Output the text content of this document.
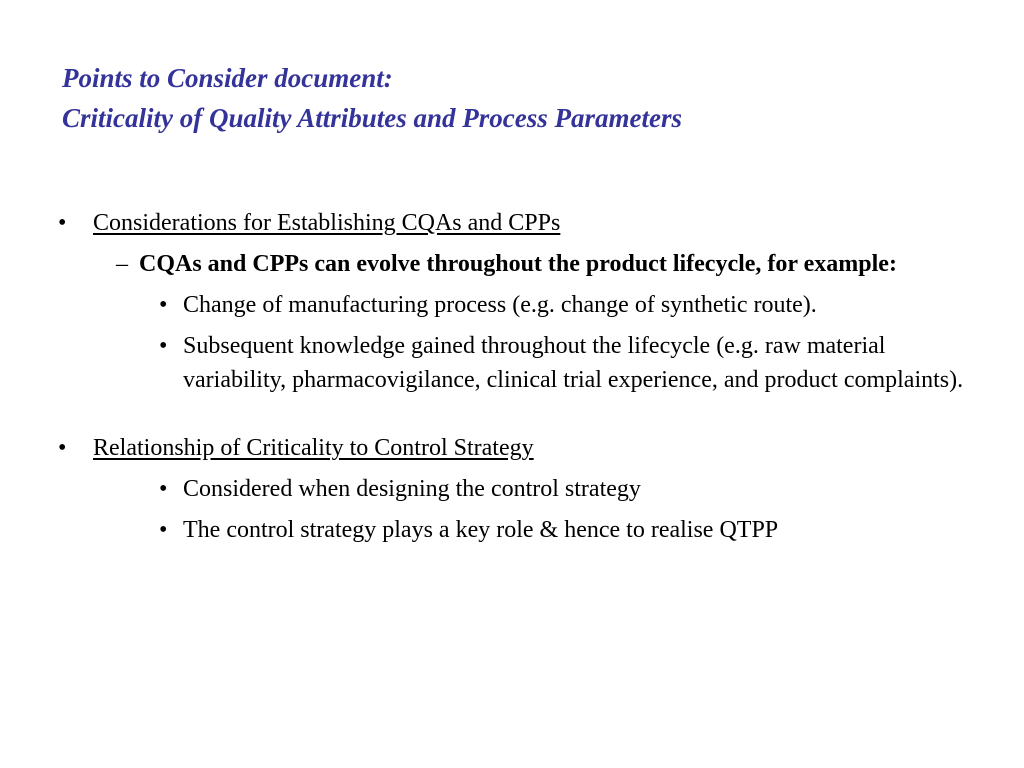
Points to Consider document:
Criticality of Quality Attributes and Process Parameters
• Considerations for Establishing CQAs and CPPs
– CQAs and CPPs can evolve throughout the product lifecycle, for example:
• Change of manufacturing process (e.g. change of synthetic route).
• Subsequent knowledge gained throughout the lifecycle (e.g. raw material variability, pharmacovigilance, clinical trial experience, and product complaints).
• Relationship of Criticality to Control Strategy
• Considered when designing the control strategy
• The control strategy plays a key role & hence to realise QTPP
